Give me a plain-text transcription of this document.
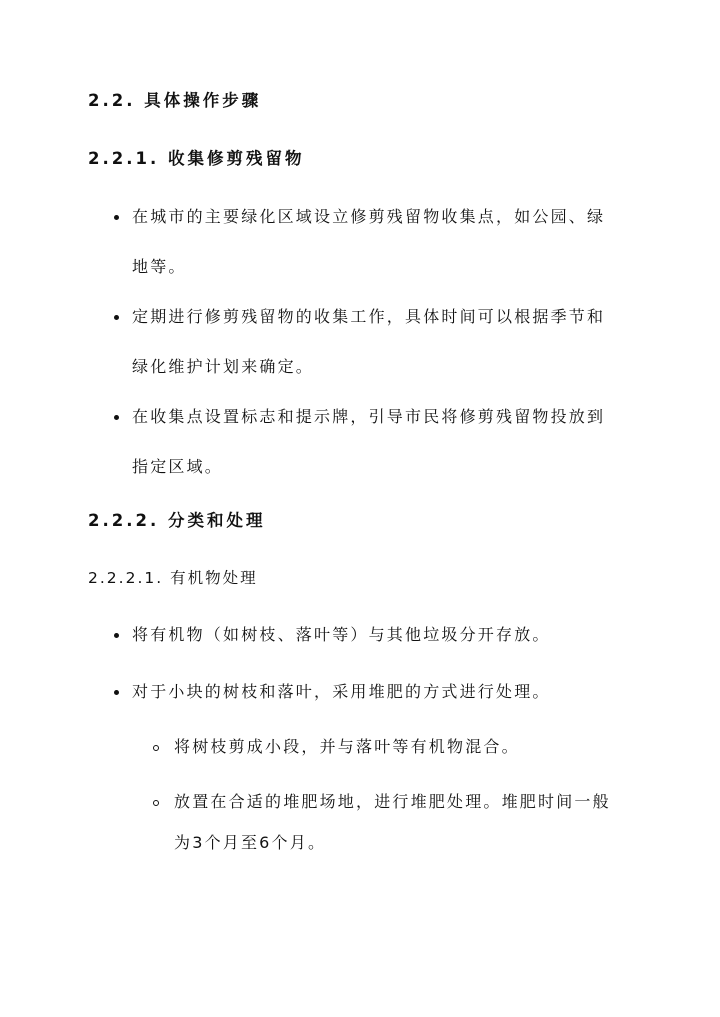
2.2. 具体操作步骤
2.2.1. 收集修剪残留物
在城市的主要绿化区域设立修剪残留物收集点，如公园、绿
地等。
定期进行修剪残留物的收集工作，具体时间可以根据季节和
绿化维护计划来确定。
在收集点设置标志和提示牌，引导市民将修剪残留物投放到
指定区域。
2.2.2. 分类和处理
2.2.2.1. 有机物处理
将有机物（如树枝、落叶等）与其他垃圾分开存放。
对于小块的树枝和落叶，采用堆肥的方式进行处理。
将树枝剪成小段，并与落叶等有机物混合。
放置在合适的堆肥场地，进行堆肥处理。堆肥时间一般
为3个月至6个月。
